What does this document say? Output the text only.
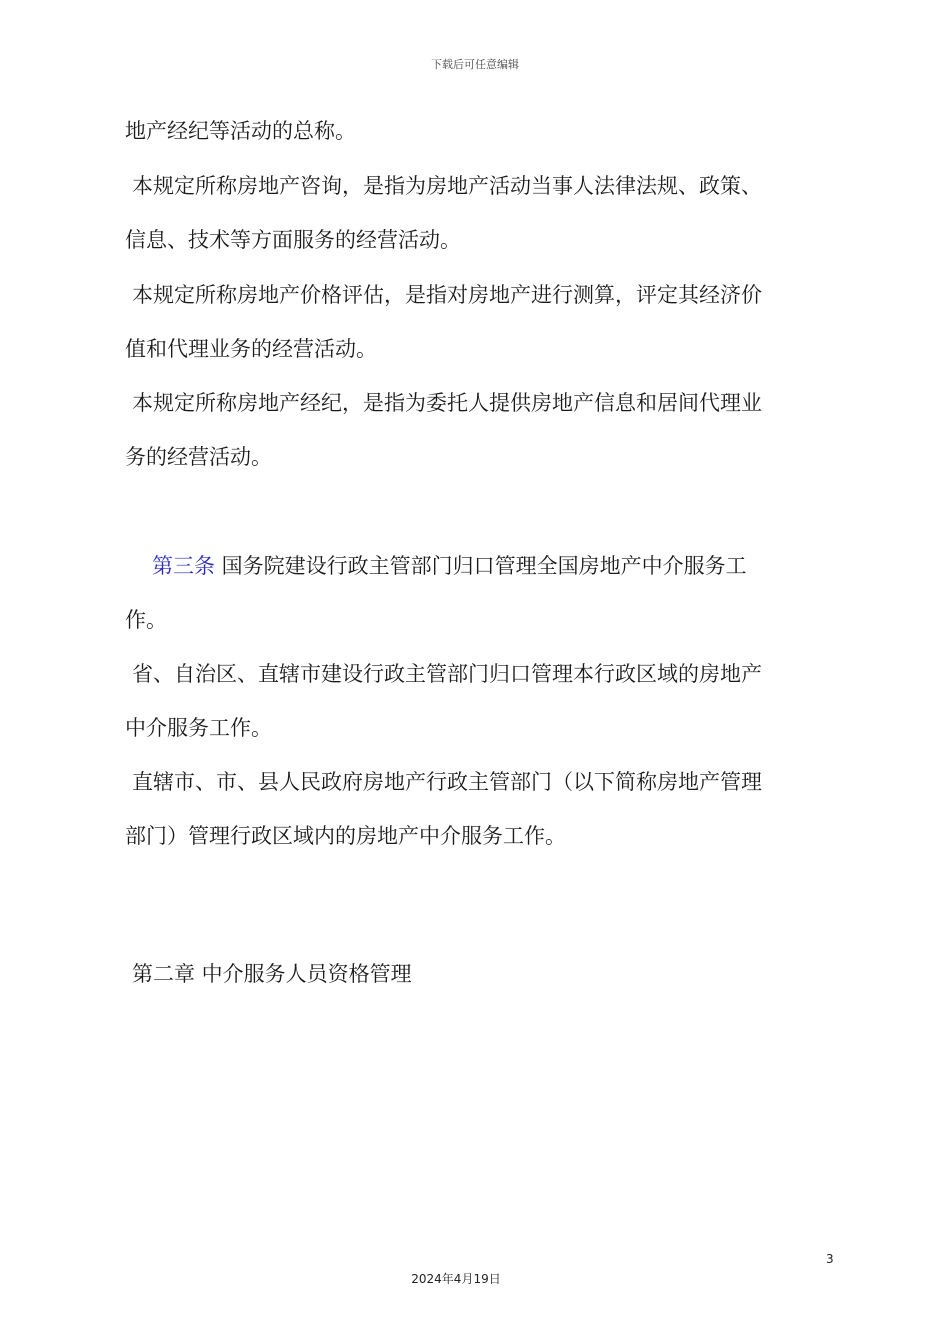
下载后可任意编辑
地产经纪等活动的总称。
本规定所称房地产咨询，是指为房地产活动当事人法律法规、政策、
信息、技术等方面服务的经营活动。
本规定所称房地产价格评估，是指对房地产进行测算，评定其经济价
值和代理业务的经营活动。
本规定所称房地产经纪，是指为委托人提供房地产信息和居间代理业
务的经营活动。
第三条 国务院建设行政主管部门归口管理全国房地产中介服务工
作。
省、自治区、直辖市建设行政主管部门归口管理本行政区域的房地产
中介服务工作。
直辖市、市、县人民政府房地产行政主管部门（以下简称房地产管理
部门）管理行政区域内的房地产中介服务工作。
第二章 中介服务人员资格管理
3
2024年4月19日
